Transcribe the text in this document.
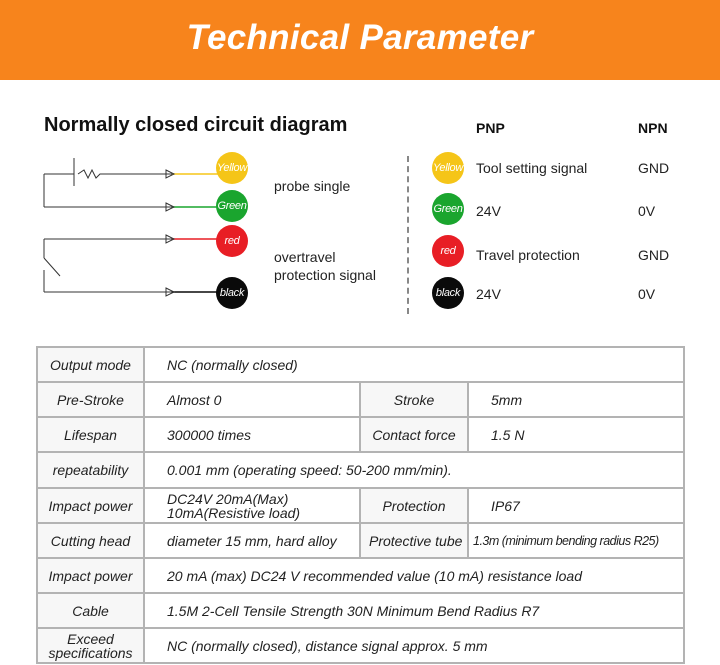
Technical Parameter
Normally closed circuit diagram	PNP	NPN
Yellow
Green
red
black
probe single
overtravel
protection signal
Yellow Tool setting signal	GND
Green 24V	0V
red Travel protection	GND
black 24V	0V
Output mode	NC (normally closed)		
Pre-Stroke	Almost 0	Stroke	5mm
Lifespan	300000 times	Contact force	1.5 N
repeatability	0.001 mm (operating speed: 50-200 mm/min).		
Impact power	DC24V 20mA(Max)
10mA(Resistive load)	Protection	IP67
Cutting head	diameter 15 mm, hard alloy	Protective tube	1.3m (minimum bending radius R25)
Impact power	20 mA (max) DC24 V recommended value (10 mA) resistance load		
Cable	1.5M 2-Cell Tensile Strength 30N Minimum Bend Radius R7		

Exceed
specifications	NC (normally closed), distance signal approx. 5 mm		
